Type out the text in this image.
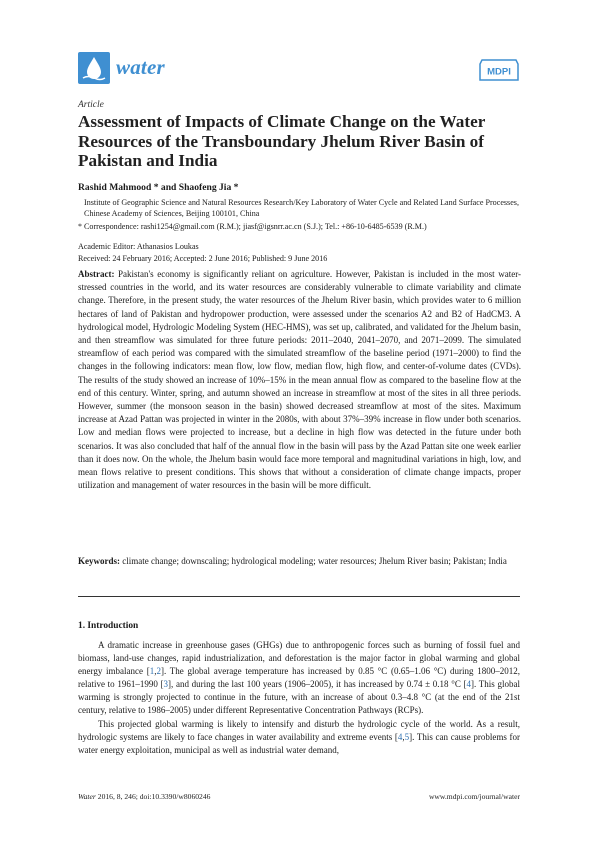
water	MDPI
Article
Assessment of Impacts of Climate Change on the Water Resources of the Transboundary Jhelum River Basin of Pakistan and India
Rashid Mahmood * and Shaofeng Jia *
Institute of Geographic Science and Natural Resources Research/Key Laboratory of Water Cycle and Related Land Surface Processes, Chinese Academy of Sciences, Beijing 100101, China
* Correspondence: rashi1254@gmail.com (R.M.); jiasf@igsnrr.ac.cn (S.J.); Tel.: +86-10-6485-6539 (R.M.)
Academic Editor: Athanasios Loukas
Received: 24 February 2016; Accepted: 2 June 2016; Published: 9 June 2016

Abstract: Pakistan's economy is significantly reliant on agriculture. However, Pakistan is included in the most water-stressed countries in the world, and its water resources are considerably vulnerable to climate variability and climate change. Therefore, in the present study, the water resources of the Jhelum River basin, which provides water to 6 million hectares of land of Pakistan and hydropower production, were assessed under the scenarios A2 and B2 of HadCM3. A hydrological model, Hydrologic Modeling System (HEC-HMS), was set up, calibrated, and validated for the Jhelum basin, and then streamflow was simulated for three future periods: 2011–2040, 2041–2070, and 2071–2099. The simulated streamflow of each period was compared with the simulated streamflow of the baseline period (1971–2000) to find the changes in the following indicators: mean flow, low flow, median flow, high flow, and center-of-volume dates (CVDs). The results of the study showed an increase of 10%–15% in the mean annual flow as compared to the baseline flow at the end of this century. Winter, spring, and autumn showed an increase in streamflow at most of the sites in all three periods. However, summer (the monsoon season in the basin) showed decreased streamflow at most of the sites. Maximum increase at Azad Pattan was projected in winter in the 2080s, with about 37%–39% increase in flow under both scenarios. Low and median flows were projected to increase, but a decline in high flow was detected in the future under both scenarios. It was also concluded that half of the annual flow in the basin will pass by the Azad Pattan site one week earlier than it does now. On the whole, the Jhelum basin would face more temporal and magnitudinal variations in high, low, and mean flows relative to present conditions. This shows that without a consideration of climate change impacts, proper utilization and management of water resources in the basin will be more difficult.

Keywords: climate change; downscaling; hydrological modeling; water resources; Jhelum River basin; Pakistan; India

1. Introduction

A dramatic increase in greenhouse gases (GHGs) due to anthropogenic forces such as burning of fossil fuel and biomass, land-use changes, rapid industrialization, and deforestation is the major factor in global warming and global energy imbalance [1,2]. The global average temperature has increased by 0.85 °C (0.65–1.06 °C) during 1800–2012, relative to 1961–1990 [3], and during the last 100 years (1906–2005), it has increased by 0.74 ± 0.18 °C [4]. This global warming is strongly projected to continue in the future, with an increase of about 0.3–4.8 °C (at the end of the 21st century, relative to 1986–2005) under different Representative Concentration Pathways (RCPs).

This projected global warming is likely to intensify and disturb the hydrologic cycle of the world. As a result, hydrologic systems are likely to face changes in water availability and extreme events [4,5]. This can cause problems for water energy exploitation, municipal as well as industrial water demand,

Water 2016, 8, 246; doi:10.3390/w8060246	www.mdpi.com/journal/water
